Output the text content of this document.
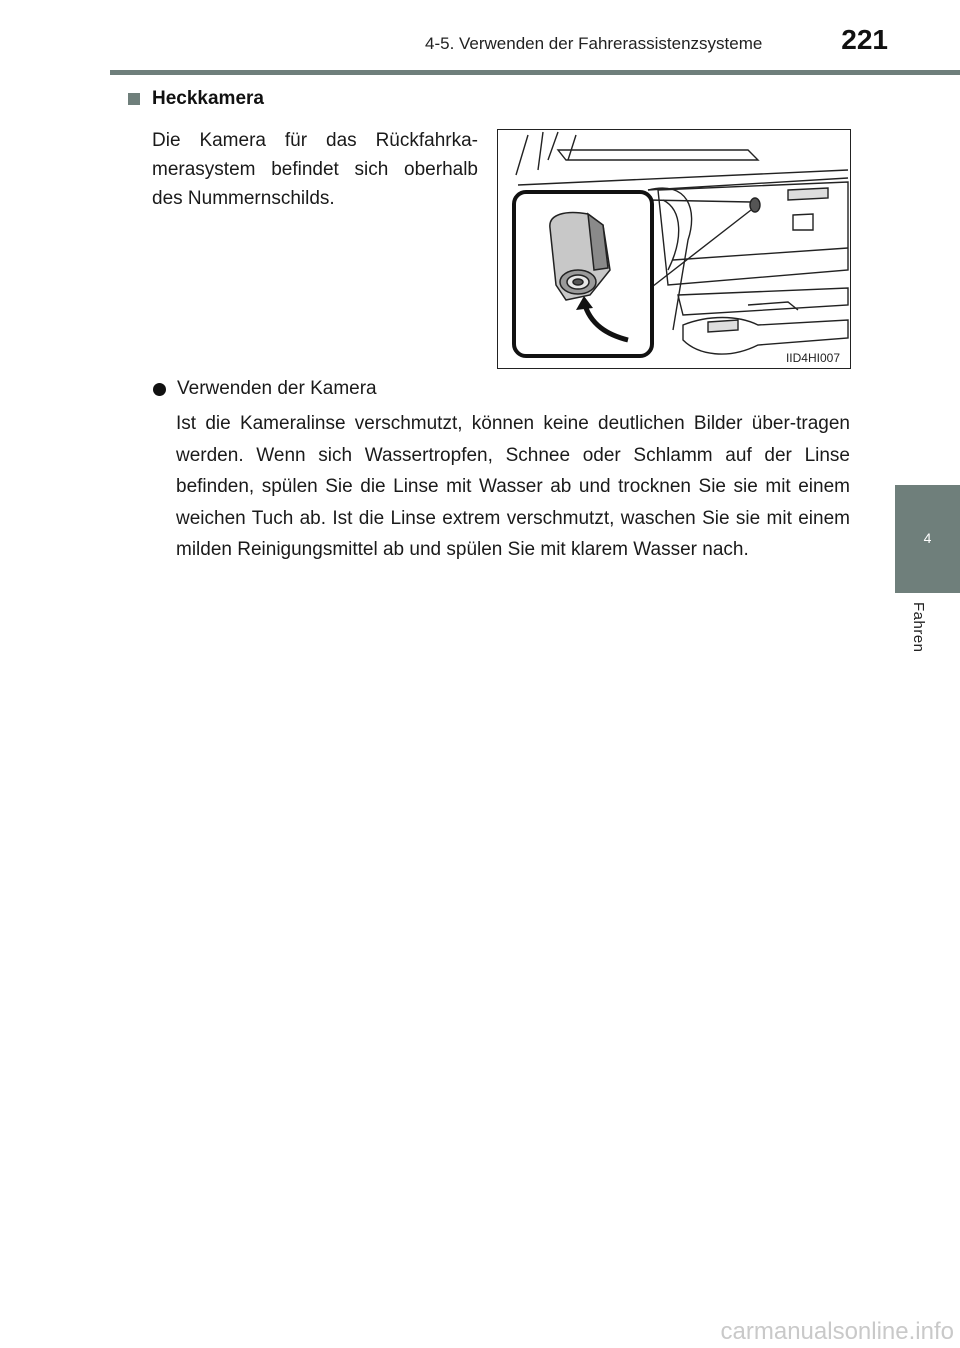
4-5. Verwenden der Fahrerassistenzsysteme	221
4
Fahren
Heckkamera
Die Kamera für das Rückfahrka-merasystem befindet sich oberhalb des Nummernschilds.
IID4HI007
Verwenden der Kamera
Ist die Kameralinse verschmutzt, können keine deutlichen Bilder über-tragen werden. Wenn sich Wassertropfen, Schnee oder Schlamm auf der Linse befinden, spülen Sie die Linse mit Wasser ab und trocknen Sie sie mit einem weichen Tuch ab. Ist die Linse extrem verschmutzt, waschen Sie sie mit einem milden Reinigungsmittel ab und spülen Sie mit klarem Wasser nach.
carmanualsonline.info
